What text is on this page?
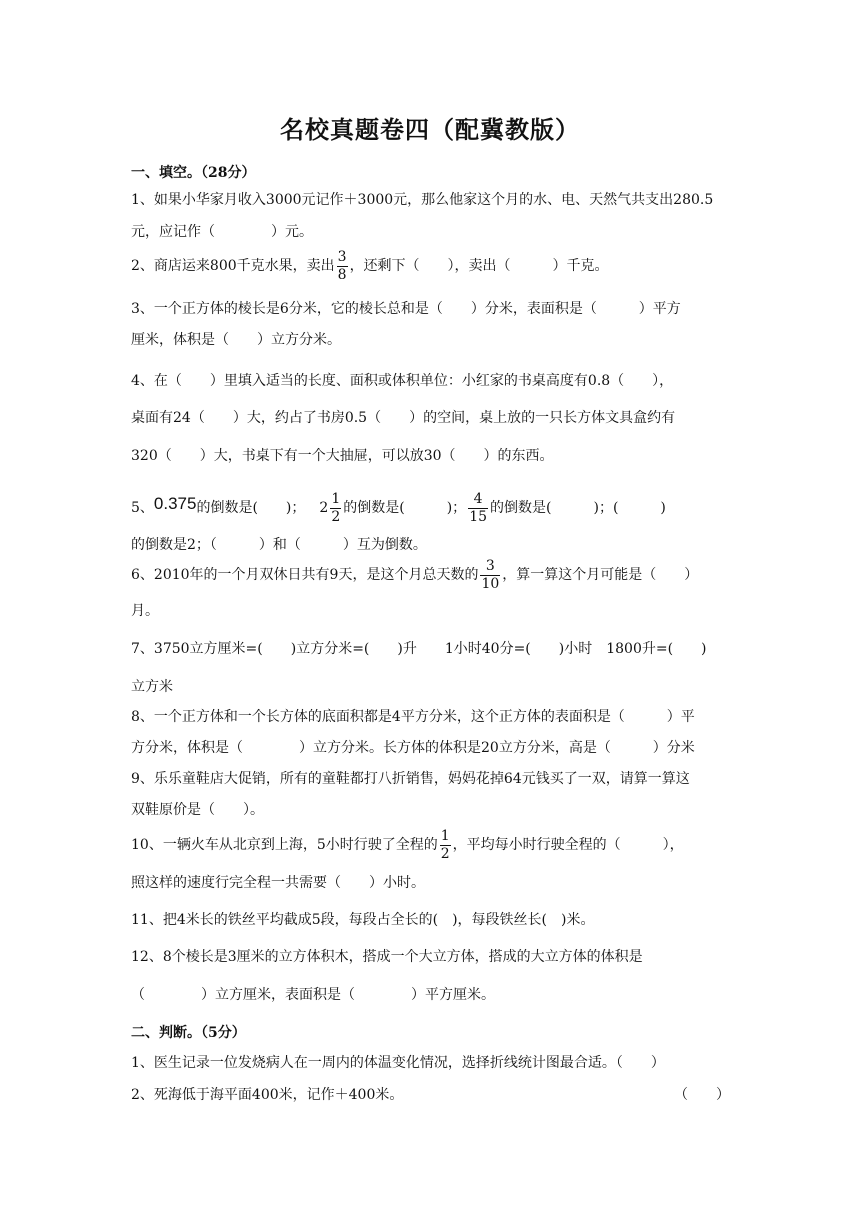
名校真题卷四（配冀教版）
一、填空。（28分）
1、如果小华家月收入3000元记作＋3000元，那么他家这个月的水、电、天然气共支出280.5
元，应记作（　　　　）元。
2、商店运来800千克水果，卖出 $\frac{3}{8}$ ，还剩下（　　），卖出（　　　）千克。
3、一个正方体的棱长是6分米，它的棱长总和是（　　）分米，表面积是（　　　）平方
厘米，体积是（　　）立方分米。
4、在（　　）里填入适当的长度、面积或体积单位：小红家的书桌高度有0.8（　　），
桌面有24（　　）大，约占了书房0.5（　　）的空间，桌上放的一只长方体文具盒约有
320（　　）大，书桌下有一个大抽屉，可以放30（　　）的东西。
5、0.375的倒数是(　　)； $2 \frac{1}{2}$ 的倒数是(　　　)； $\frac{4}{15}$ 的倒数是(　　　)；(　　　)
的倒数是2；（　　　）和（　　　）互为倒数。
6、2010年的一个月双休日共有9天，是这个月总天数的 $\frac{3}{10}$ ，算一算这个月可能是（　　）
月。
7、3750立方厘米=(　　)立方分米=(　　)升　　1小时40分=(　　)小时　1800升=(　　)
立方米
8、一个正方体和一个长方体的底面积都是4平方分米，这个正方体的表面积是（　　　）平
方分米，体积是（　　　　）立方分米。长方体的体积是20立方分米，高是（　　　）分米
9、乐乐童鞋店大促销，所有的童鞋都打八折销售，妈妈花掉64元钱买了一双，请算一算这
双鞋原价是（　　）。
10、一辆火车从北京到上海，5小时行驶了全程的 $\frac{1}{2}$ ，平均每小时行驶全程的（　　　），
照这样的速度行完全程一共需要（　　）小时。
11、把4米长的铁丝平均截成5段，每段占全长的(　)，每段铁丝长(　)米。
12、8个棱长是3厘米的立方体积木，搭成一个大立方体，搭成的大立方体的体积是
（　　　　）立方厘米，表面积是（　　　　）平方厘米。
二、判断。（5分）
1、医生记录一位发烧病人在一周内的体温变化情况，选择折线统计图最合适。（　　）
2、死海低于海平面400米，记作＋400米。	（　　）
